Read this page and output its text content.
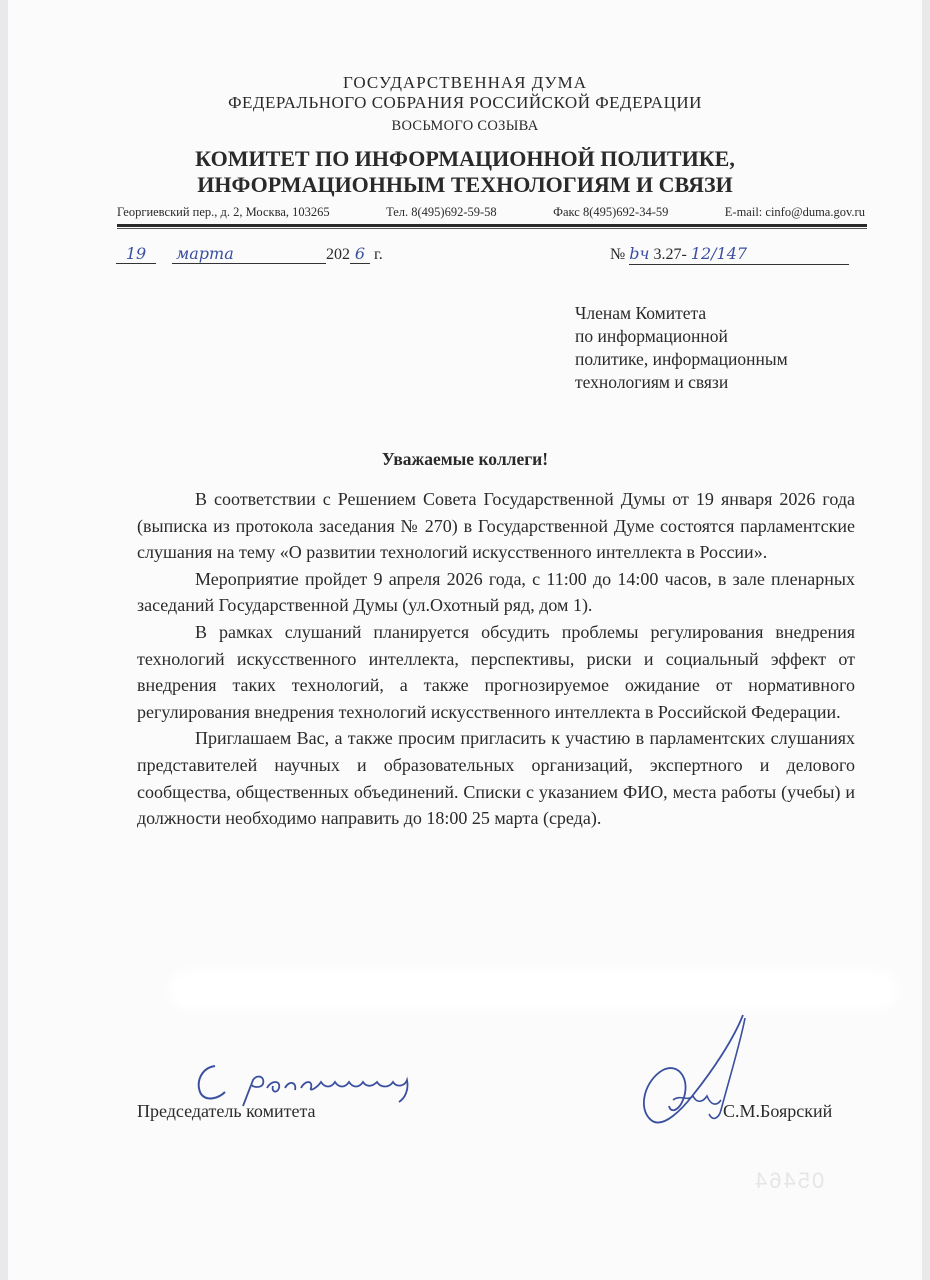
ГОСУДАРСТВЕННАЯ ДУМА
ФЕДЕРАЛЬНОГО СОБРАНИЯ РОССИЙСКОЙ ФЕДЕРАЦИИ
ВОСЬМОГО СОЗЫВА
КОМИТЕТ ПО ИНФОРМАЦИОННОЙ ПОЛИТИКЕ,
ИНФОРМАЦИОННЫМ ТЕХНОЛОГИЯМ И СВЯЗИ
Георгиевский пер., д. 2, Москва, 103265	Тел. 8(495)692-59-58	Факс 8(495)692-34-59	E-mail: cinfo@duma.gov.ru
19 марта	202 6 г.	№ bч 3.27- 12/147
Членам Комитета
по информационной
политике, информационным
технологиям и связи
Уважаемые коллеги!

В соответствии с Решением Совета Государственной Думы от 19 января 2026 года (выписка из протокола заседания № 270) в Государственной Думе состоятся парламентские слушания на тему «О развитии технологий искусственного интеллекта в России».

Мероприятие пройдет 9 апреля 2026 года, с 11:00 до 14:00 часов, в зале пленарных заседаний Государственной Думы (ул.Охотный ряд, дом 1).

В рамках слушаний планируется обсудить проблемы регулирования внедрения технологий искусственного интеллекта, перспективы, риски и социальный эффект от внедрения таких технологий, а также прогнозируемое ожидание от нормативного регулирования внедрения технологий искусственного интеллекта в Российской Федерации.

Приглашаем Вас, а также просим пригласить к участию в парламентских слушаниях представителей научных и образовательных организаций, экспертного и делового сообщества, общественных объединений. Списки с указанием ФИО, места работы (учебы) и должности необходимо направить до 18:00 25 марта (среда).

Председатель комитета	С.М.Боярский
05464
